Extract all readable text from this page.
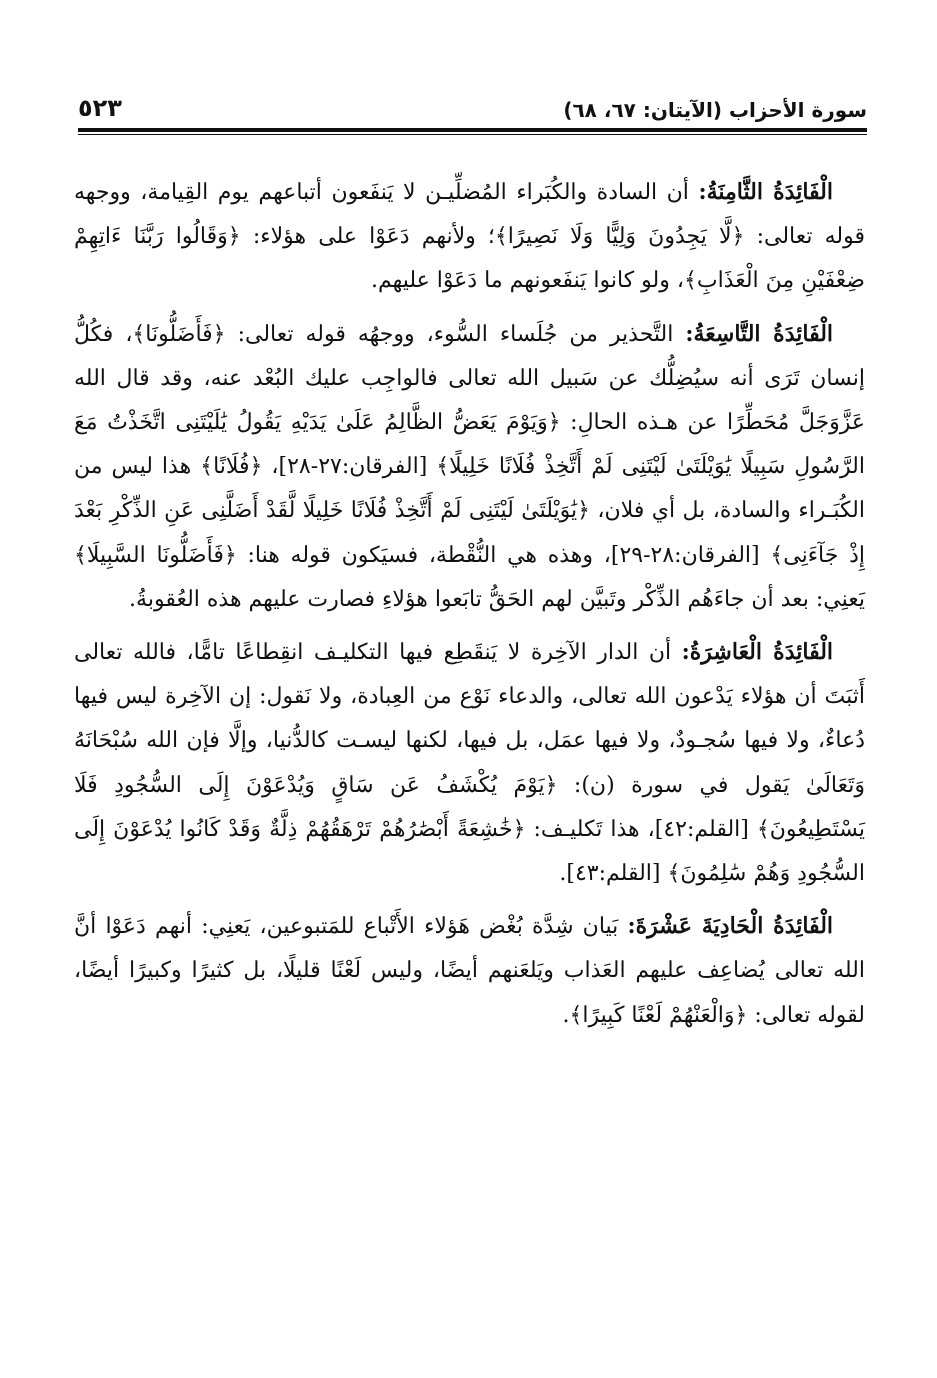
سورة الأحزاب (الآيتان: ٦٧، ٦٨)
٥٢٣

الْفَائِدَةُ الثَّامِنَةُ: أن السادة والكُبَراء المُضلِّيـن لا يَنفَعون أتباعهم يوم القِيامة، ووجهه قوله تعالى: ﴿لَّا يَجِدُونَ وَلِيًّا وَلَا نَصِيرًا﴾؛ ولأنهم دَعَوْا على هؤلاء: ﴿وَقَالُوا رَبَّنَا ءَاتِهِمْ ضِعْفَيْنِ مِنَ الْعَذَابِ﴾، ولو كانوا يَنفَعونهم ما دَعَوْا عليهم.

الْفَائِدَةُ التَّاسِعَةُ: التَّحذير من جُلَساء السُّوء، ووجهُه قوله تعالى: ﴿فَأَضَلُّونَا﴾، فكُلُّ إنسان تَرَى أنه سيُضِلُّك عن سَبيل الله تعالى فالواجِب عليك البُعْد عنه، وقد قال الله عَزَّوَجَلَّ مُحَطِّرًا عن هـذه الحالِ: ﴿وَيَوْمَ يَعَضُّ الظَّالِمُ عَلَىٰ يَدَيْهِ يَقُولُ يَٰلَيْتَنِى اتَّخَذْتُ مَعَ الرَّسُولِ سَبِيلًا يَٰوَيْلَتَىٰ لَيْتَنِى لَمْ أَتَّخِذْ فُلَانًا خَلِيلًا﴾ [الفرقان:٢٧-٢٨]، ﴿فُلَانًا﴾ هذا ليس من الكُبَـراء والسادة، بل أي فلان، ﴿يَٰوَيْلَتَىٰ لَيْتَنِى لَمْ أَتَّخِذْ فُلَانًا خَلِيلًا لَّقَدْ أَضَلَّنِى عَنِ الذِّكْرِ بَعْدَ إِذْ جَآءَنِى﴾ [الفرقان:٢٨-٢٩]، وهذه هي النُّقْطة، فسيَكون قوله هنا: ﴿فَأَضَلُّونَا السَّبِيلَا﴾ يَعنِي: بعد أن جاءَهُم الذِّكْر وتَبيَّن لهم الحَقُّ تابَعوا هؤلاءِ فصارت عليهم هذه العُقوبةُ.

الْفَائِدَةُ الْعَاشِرَةُ: أن الدار الآخِرة لا يَنقَطِع فيها التكليـف انقِطاعًا تامًّا، فالله تعالى أَثبَتَ أن هؤلاء يَدْعون الله تعالى، والدعاء نَوْع من العِبادة، ولا نَقول: إن الآخِرة ليس فيها دُعاءٌ، ولا فيها سُجـودٌ، ولا فيها عمَل، بل فيها، لكنها ليسـت كالدُّنيا، وإلَّا فإن الله سُبْحَانَهُ وَتَعَالَىٰ يَقول في سورة (ن): ﴿يَوْمَ يُكْشَفُ عَن سَاقٍ وَيُدْعَوْنَ إِلَى السُّجُودِ فَلَا يَسْتَطِيعُونَ﴾ [القلم:٤٢]، هذا تَكليـف: ﴿خَٰشِعَةً أَبْصَٰرُهُمْ تَرْهَقُهُمْ ذِلَّةٌ وَقَدْ كَانُوا يُدْعَوْنَ إِلَى السُّجُودِ وَهُمْ سَٰلِمُونَ﴾ [القلم:٤٣].

الْفَائِدَةُ الْحَادِيَةَ عَشْرَةَ: بَيان شِدَّة بُغْض هَؤلاء الأَتْباع للمَتبوعين، يَعنِي: أنهم دَعَوْا أنَّ الله تعالى يُضاعِف عليهم العَذاب ويَلعَنهم أيضًا، وليس لَعْنًا قليلًا، بل كثيرًا وكبيرًا أيضًا، لقوله تعالى: ﴿وَالْعَنْهُمْ لَعْنًا كَبِيرًا﴾.
